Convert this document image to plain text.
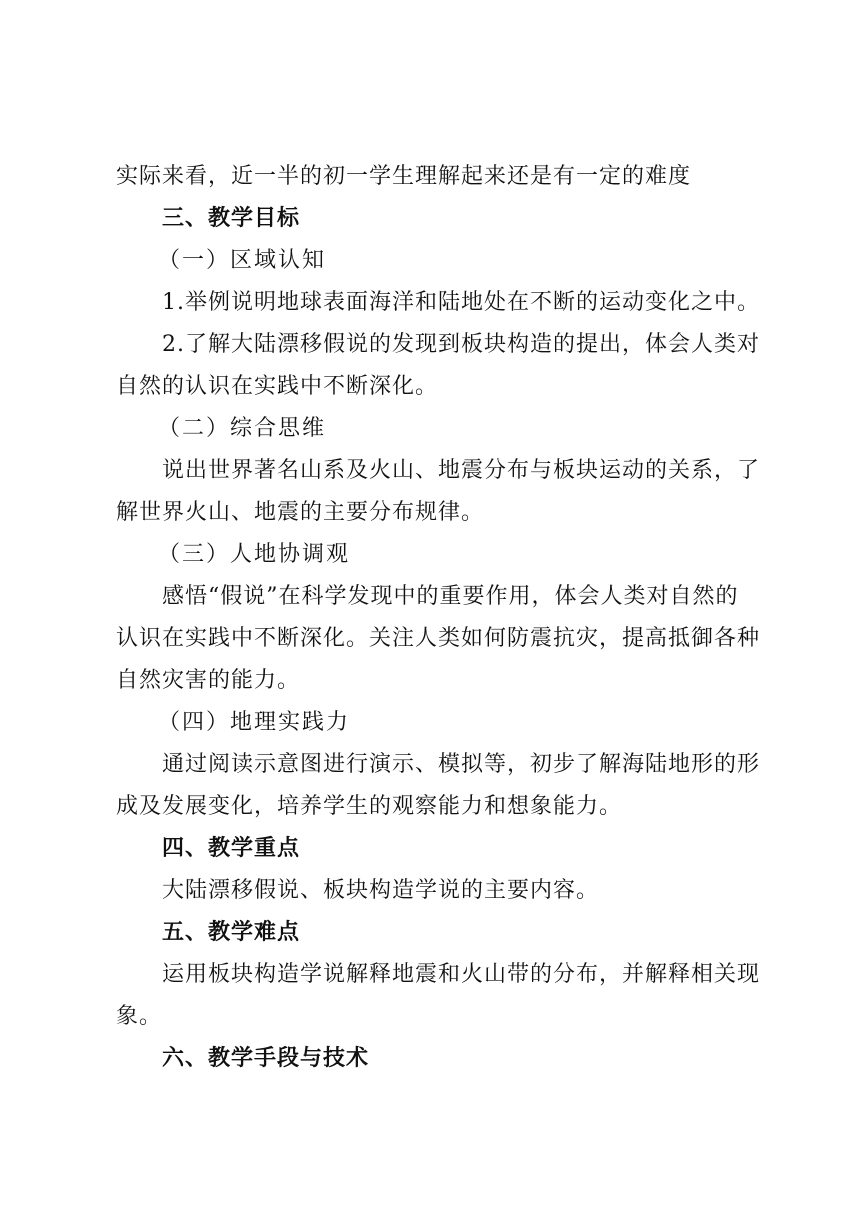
实际来看，近一半的初一学生理解起来还是有一定的难度
三、教学目标
（一）区域认知
1.举例说明地球表面海洋和陆地处在不断的运动变化之中。
2.了解大陆漂移假说的发现到板块构造的提出，体会人类对
自然的认识在实践中不断深化。
（二）综合思维
说出世界著名山系及火山、地震分布与板块运动的关系，了
解世界火山、地震的主要分布规律。
（三）人地协调观
感悟“假说”在科学发现中的重要作用，体会人类对自然的
认识在实践中不断深化。关注人类如何防震抗灾，提高抵御各种
自然灾害的能力。
（四）地理实践力
通过阅读示意图进行演示、模拟等，初步了解海陆地形的形
成及发展变化，培养学生的观察能力和想象能力。
四、教学重点
大陆漂移假说、板块构造学说的主要内容。
五、教学难点
运用板块构造学说解释地震和火山带的分布，并解释相关现
象。
六、教学手段与技术
